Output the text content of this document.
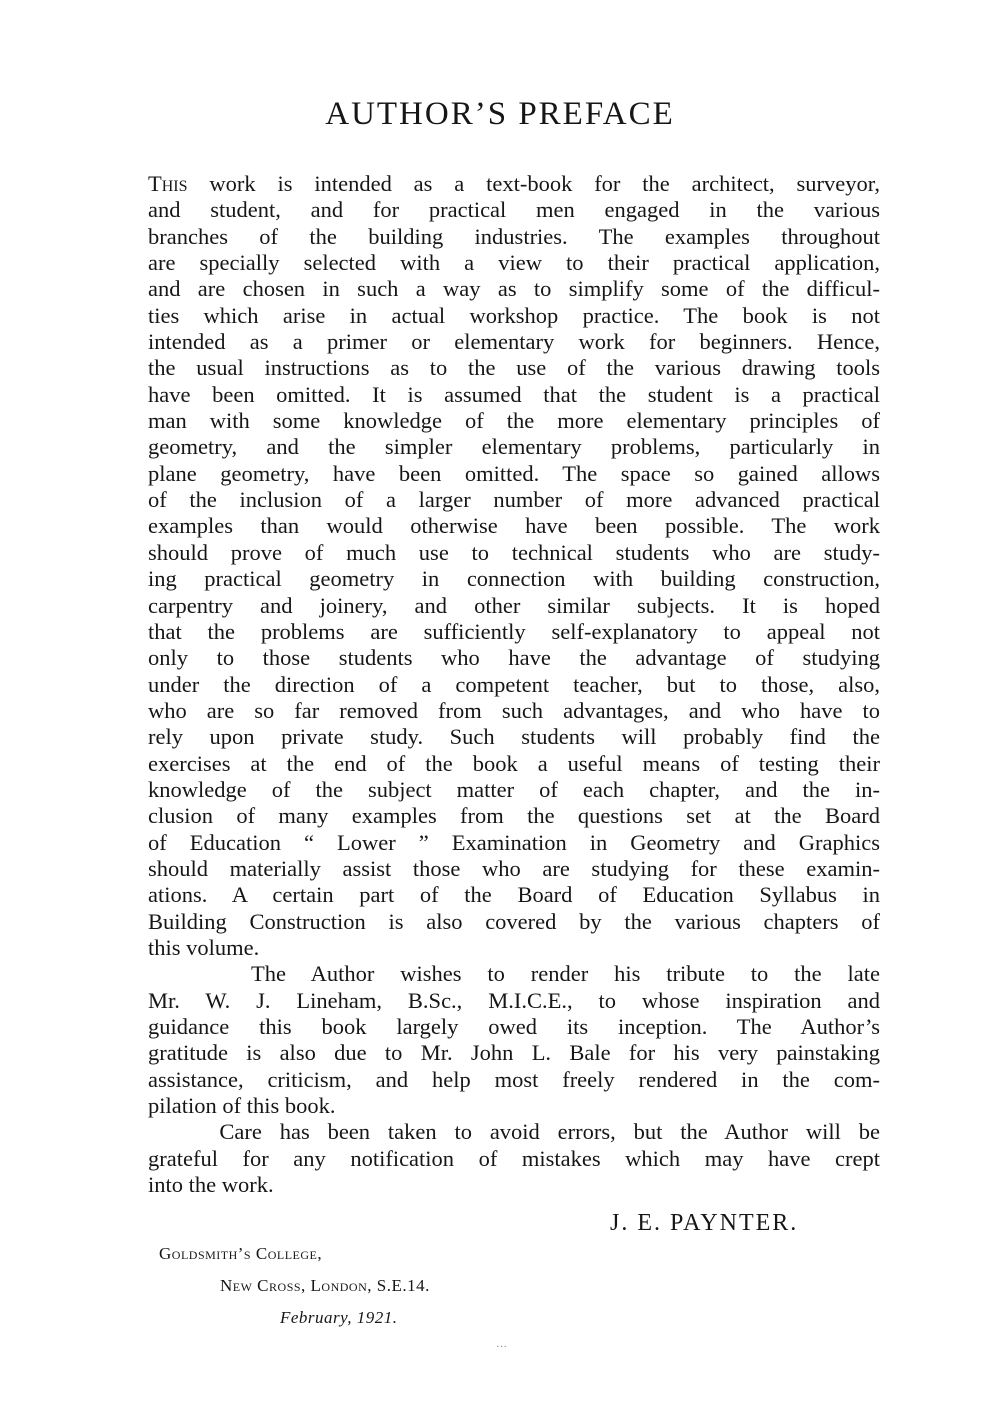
AUTHOR’S PREFACE
This work is intended as a text-book for the architect, surveyor,
and student, and for practical men engaged in the various
branches of the building industries. The examples throughout
are specially selected with a view to their practical application,
and are chosen in such a way as to simplify some of the difficul-
ties which arise in actual workshop practice. The book is not
intended as a primer or elementary work for beginners. Hence,
the usual instructions as to the use of the various drawing tools
have been omitted. It is assumed that the student is a practical
man with some knowledge of the more elementary principles of
geometry, and the simpler elementary problems, particularly in
plane geometry, have been omitted. The space so gained allows
of the inclusion of a larger number of more advanced practical
examples than would otherwise have been possible. The work
should prove of much use to technical students who are study-
ing practical geometry in connection with building construction,
carpentry and joinery, and other similar subjects. It is hoped
that the problems are sufficiently self-explanatory to appeal not
only to those students who have the advantage of studying
under the direction of a competent teacher, but to those, also,
who are so far removed from such advantages, and who have to
rely upon private study. Such students will probably find the
exercises at the end of the book a useful means of testing their
knowledge of the subject matter of each chapter, and the in-
clusion of many examples from the questions set at the Board
of Education “ Lower ” Examination in Geometry and Graphics
should materially assist those who are studying for these examin-
ations. A certain part of the Board of Education Syllabus in
Building Construction is also covered by the various chapters of
this volume.
The Author wishes to render his tribute to the late
Mr. W. J. Lineham, B.Sc., M.I.C.E., to whose inspiration and
guidance this book largely owed its inception. The Author’s
gratitude is also due to Mr. John L. Bale for his very painstaking
assistance, criticism, and help most freely rendered in the com-
pilation of this book.
Care has been taken to avoid errors, but the Author will be
grateful for any notification of mistakes which may have crept
into the work.
J. E. PAYNTER.
Goldsmith’s College,
New Cross, London, S.E.14.
February, 1921.
…
